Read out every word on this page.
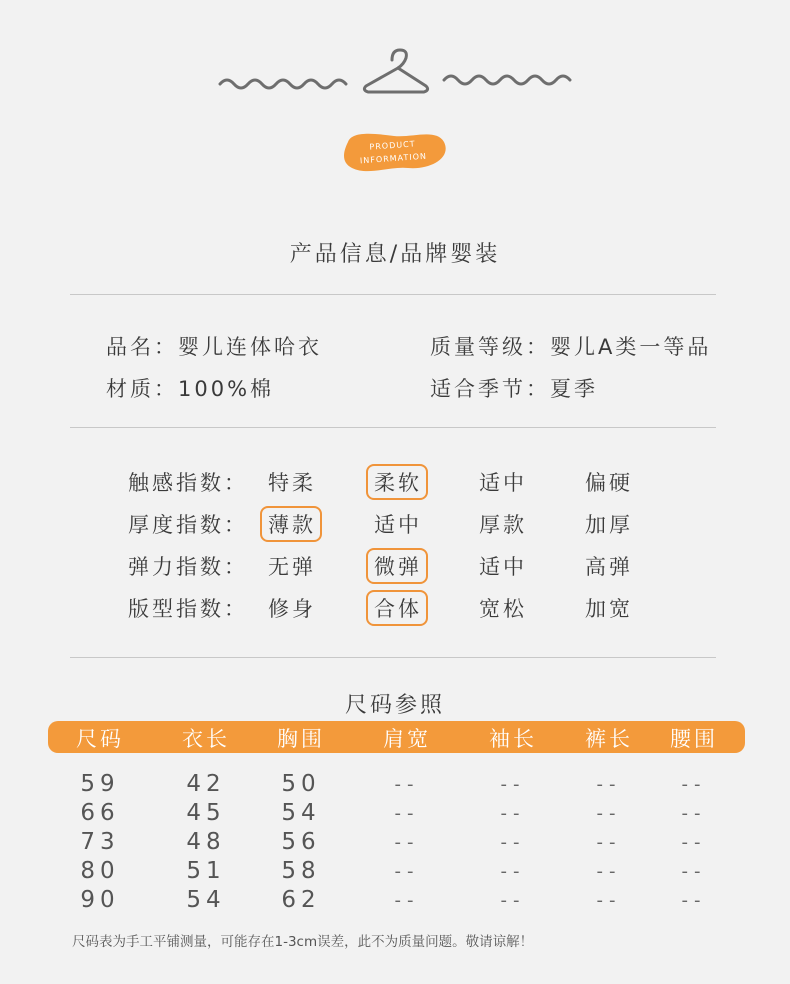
PRODUCT
INFORMATION
产品信息/品牌婴装
品名：婴儿连体哈衣	质量等级：婴儿A类一等品
材质：100%棉	适合季节：夏季
触感指数： 特柔	柔软	适中	偏硬
厚度指数： 薄款	适中	厚款	加厚
弹力指数： 无弹	微弹	适中	高弹
版型指数： 修身	合体	宽松	加宽
尺码参照
尺码	衣长 胸围	肩宽	袖长 裤长 腰围
59	42 50	--	--	--	--
66	45 54	--	--	--	--
73	48 56	--	--	--	--
80	51 58	--	--	--	--
90	54 62	--	--	--	--
尺码表为手工平铺测量，可能存在1-3cm误差，此不为质量问题。敬请谅解！
